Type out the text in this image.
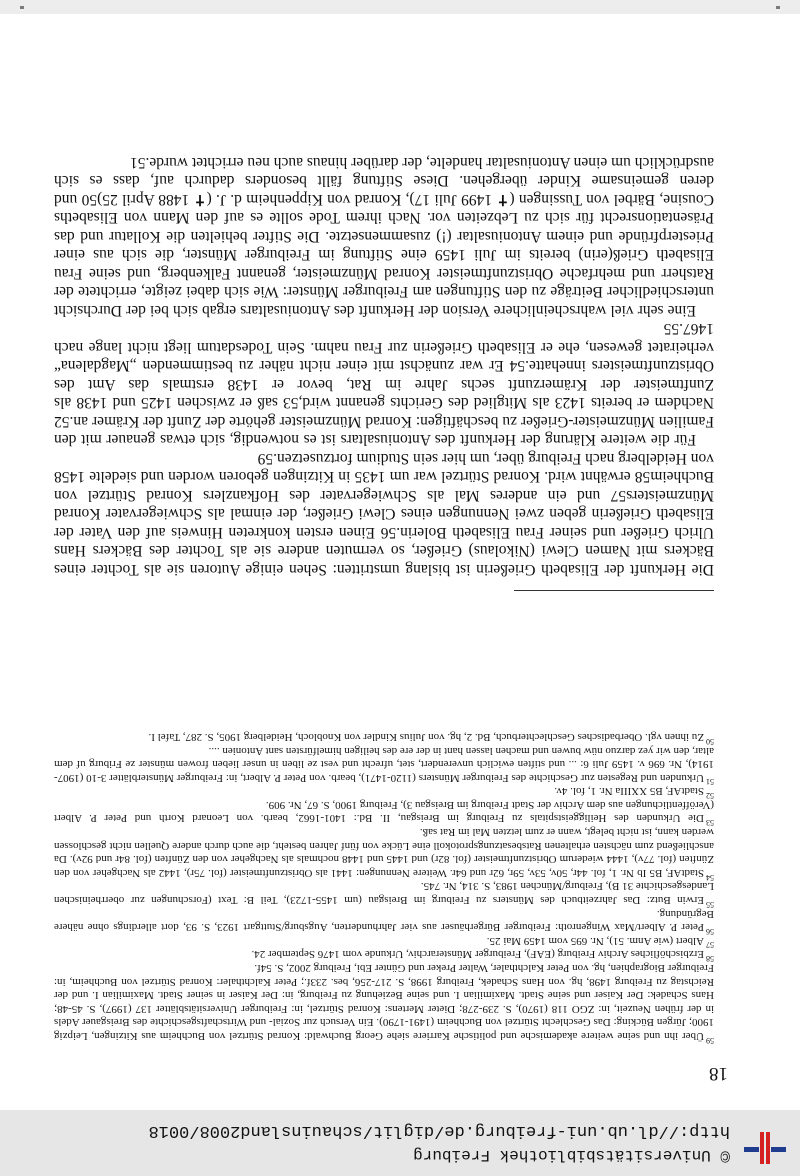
© Universitätsbibliothek Freiburg
http://dl.ub.uni-freiburg.de/diglit/schauinsland2008/0018
18

$^{59}$Über ihn und seine weitere akademische und politische Karriere siehe Georg Buchwald: Konrad Stürtzel von Buchheim aus Kitzingen, Leipzig 1900; Jürgen Bücking: Das Geschlecht Stürtzel von Buchheim (1491-1790). Ein Versuch zur Sozial- und Wirtschaftsgeschichte des Breisgauer Adels in der frühen Neuzeit, in: ZGO 118 (1970), S. 239-278; Dieter Mertens: Konrad Stürtzel, in: Freiburger Universitätsblätter 137 (1997), S. 45-48; Hans Schadek: Der Kaiser und seine Stadt. Maximilian I. und seine Beziehung zu Freiburg, in: Der Kaiser in seiner Stadt. Maximilian I. und der Reichstag zu Freiburg 1498, hg. von Hans Schadek, Freiburg 1998, S. 217-256, bes. 233f.; Peter Kalchthaler: Konrad Stürtzel von Buchheim, in: Freiburger Biographien, hg. von Peter Kalchthaler, Walter Preker und Günter Ebi, Freiburg 2002, S. 54f.

$^{58}$Erzbischöfliches Archiv Freiburg (EAF), Freiburger Münsterarchiv, Urkunde vom 1476 September 24.

$^{57}$Albert (wie Anm. 51), Nr. 695 vom 1459 Mai 25.

$^{56}$Peter P. Albert/Max Wingenroth: Freiburger Bürgerhäuser aus vier Jahrhunderten, Augsburg/Stuttgart 1923, S. 93, dort allerdings ohne nähere Begründung.

$^{55}$Erwin Butz: Das Jahrzeitbuch des Münsters zu Freiburg im Breisgau (um 1455-1723), Teil B: Text (Forschungen zur oberrheinischen Landesgeschichte 31 B), Freiburg/München 1983, S. 314, Nr. 745.

$^{54}$StadtAF, B5 Ib Nr. 1, fol. 44r, 50v, 53v, 59r, 62r und 64r. Weitere Nennungen: 1441 als Obristzunftmeister (fol. 75r), 1442 als Nachgeher von den Zünften (fol. 77v), 1444 wiederum Obristzunftmeister (fol. 82r) und 1445 und 1448 nochmals als Nachgeher von den Zünften (fol. 84r und 92v). Da anschließend zum nächsten erhaltenen Ratsbesatzungsprotokoll eine Lücke von fünf Jahren besteht, die auch durch andere Quellen nicht geschlossen werden kann, ist nicht belegt, wann er zum letzten Mal im Rat saß.

$^{53}$Die Urkunden des Heiliggeistspitals zu Freiburg im Breisgau, II. Bd.: 1401-1662, bearb. von Leonard Korth und Peter P. Albert (Veröffentlichungen aus dem Archiv der Stadt Freiburg im Breisgau 3), Freiburg 1900, S. 67, Nr. 909.

$^{52}$StadtAF, B5 XXIIIa Nr. 1, fol. 4v.

$^{51}$Urkunden und Regesten zur Geschichte des Freiburger Münsters (1120-1471), bearb. von Peter P. Albert, in: Freiburger Münsterblätter 3-10 (1907-1914), Nr. 696 v. 1459 Juli 6: ... und stiften ewiclich unverendert, stet, ufrecht und vest ze liben in unser lieben frowen münster ze Friburg uf dem altar, den wir yez darzuo nüw buwen und machen lassen hant in der ere des heiligen himelfürsten sant Antonien ....

$^{50}$Zu ihnen vgl. Oberbadisches Geschlechterbuch, Bd. 2, hg. von Julius Kindler von Knobloch, Heidelberg 1905, S. 287, Tafel I.

Die Herkunft der Elisabeth Grießerin ist bislang umstritten: Sehen einige Autoren sie als Tochter eines Bäckers mit Namen Clewi (Nikolaus) Grießer, so vermuten andere sie als Tochter des Bäckers Hans Ulrich Grießer und seiner Frau Elisabeth Bolerin.56 Einen ersten konkreten Hinweis auf den Vater der Elisabeth Grießerin geben zwei Nennungen eines Clewi Grießer, der einmal als Schwiegervater Konrad Münzmeisters57 und ein anderes Mal als Schwiegervater des Hofkanzlers Konrad Stürtzel von Buchheim58 erwähnt wird. Konrad Stürtzel war um 1435 in Kitzingen geboren worden und siedelte 1458 von Heidelberg nach Freiburg über, um hier sein Studium fortzusetzen.59

Für die weitere Klärung der Herkunft des Antoniusaltars ist es notwendig, sich etwas genauer mit den Familien Münzmeister-Grießer zu beschäftigen: Konrad Münzmeister gehörte der Zunft der Krämer an.52 Nachdem er bereits 1423 als Mitglied des Gerichts genannt wird,53 saß er zwischen 1425 und 1438 als Zunftmeister der Krämerzunft sechs Jahre im Rat, bevor er 1438 erstmals das Amt des Obristzunftmeisters innehatte.54 Er war zunächst mit einer nicht näher zu bestimmenden „Magdalena“ verheiratet gewesen, ehe er Elisabeth Grießerin zur Frau nahm. Sein Todesdatum liegt nicht lange nach 1467.55

Eine sehr viel wahrscheinlichere Version der Herkunft des Antoniusaltars ergab sich bei der Durchsicht unterschiedlicher Beiträge zu den Stiftungen am Freiburger Münster: Wie sich dabei zeigte, errichtete der Ratsherr und mehrfache Obristzunftmeister Konrad Münzmeister, genannt Falkenberg, und seine Frau Elisabeth Grieß(erin) bereits im Juli 1459 eine Stiftung im Freiburger Münster, die sich aus einer Priesterpfründe und einem Antoniusaltar (!) zusammensetzte. Die Stifter behielten die Kollatur und das Präsentationsrecht für sich zu Lebzeiten vor. Nach ihrem Tode sollte es auf den Mann von Elisabeths Cousine, Bärbel von Tussingen (✝ 1499 Juli 17), Konrad von Kippenheim d. J. (✝ 1488 April 25)50 und deren gemeinsame Kinder übergehen. Diese Stiftung fällt besonders dadurch auf, dass es sich ausdrücklich um einen Antoniusaltar handelte, der darüber hinaus auch neu errichtet wurde.51
